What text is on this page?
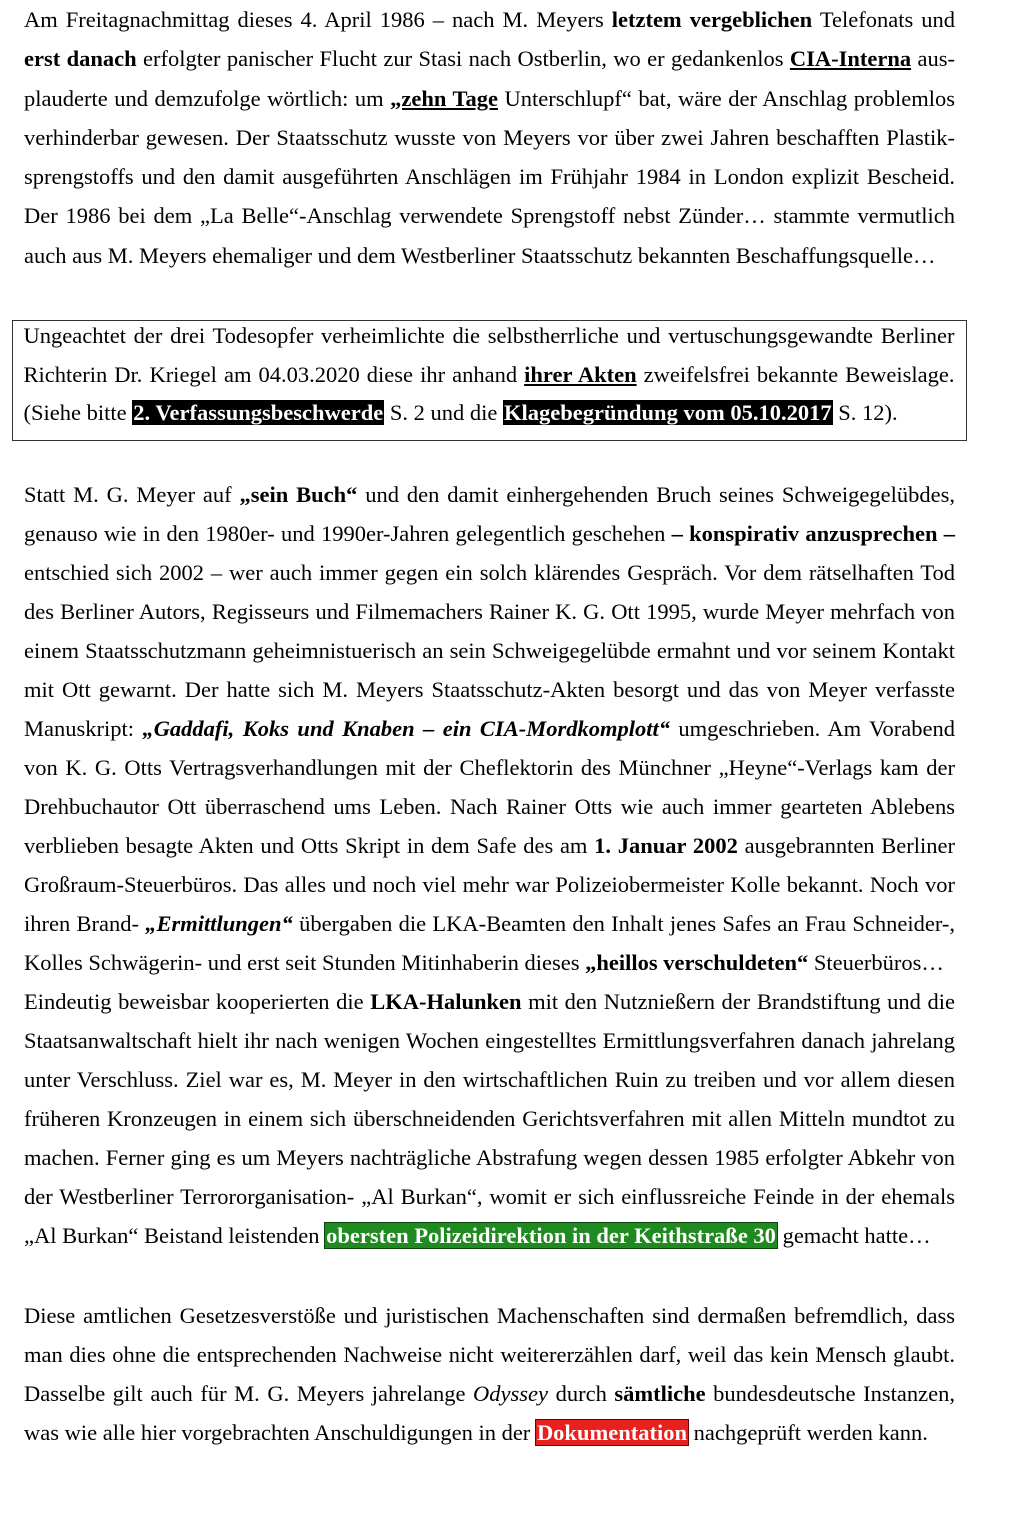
Am Freitagnachmittag dieses 4. April 1986 – nach M. Meyers letztem vergeblichen Telefonats und
erst danach erfolgter panischer Flucht zur Stasi nach Ostberlin, wo er gedankenlos CIA-Interna aus-
plauderte und demzufolge wörtlich: um „zehn Tage Unterschlupf“ bat, wäre der Anschlag problemlos
verhinderbar gewesen. Der Staatsschutz wusste von Meyers vor über zwei Jahren beschafften Plastik-
sprengstoffs und den damit ausgeführten Anschlägen im Frühjahr 1984 in London explizit Bescheid.
Der 1986 bei dem „La Belle“-Anschlag verwendete Sprengstoff nebst Zünder… stammte vermutlich
auch aus M. Meyers ehemaliger und dem Westberliner Staatsschutz bekannten Beschaffungsquelle…
Ungeachtet der drei Todesopfer verheimlichte die selbstherrliche und vertuschungsgewandte Berliner
Richterin Dr. Kriegel am 04.03.2020 diese ihr anhand ihrer Akten zweifelsfrei bekannte Beweislage.
(Siehe bitte 2. Verfassungsbeschwerde S. 2 und die Klagebegründung vom 05.10.2017 S. 12).
Statt M. G. Meyer auf „sein Buch“ und den damit einhergehenden Bruch seines Schweigegelübdes,
genauso wie in den 1980er- und 1990er-Jahren gelegentlich geschehen – konspirativ anzusprechen –
entschied sich 2002 – wer auch immer gegen ein solch klärendes Gespräch. Vor dem rätselhaften Tod
des Berliner Autors, Regisseurs und Filmemachers Rainer K. G. Ott 1995, wurde Meyer mehrfach von
einem Staatsschutzmann geheimnistuerisch an sein Schweigegelübde ermahnt und vor seinem Kontakt
mit Ott gewarnt. Der hatte sich M. Meyers Staatsschutz-Akten besorgt und das von Meyer verfasste
Manuskript: „Gaddafi, Koks und Knaben – ein CIA-Mordkomplott“ umgeschrieben. Am Vorabend
von K. G. Otts Vertragsverhandlungen mit der Cheflektorin des Münchner „Heyne“-Verlags kam der
Drehbuchautor Ott überraschend ums Leben. Nach Rainer Otts wie auch immer gearteten Ablebens
verblieben besagte Akten und Otts Skript in dem Safe des am 1. Januar 2002 ausgebrannten Berliner
Großraum-Steuerbüros. Das alles und noch viel mehr war Polizeiobermeister Kolle bekannt. Noch vor
ihren Brand- „Ermittlungen“ übergaben die LKA-Beamten den Inhalt jenes Safes an Frau Schneider-,
Kolles Schwägerin- und erst seit Stunden Mitinhaberin dieses „heillos verschuldeten“ Steuerbüros…
Eindeutig beweisbar kooperierten die LKA-Halunken mit den Nutznießern der Brandstiftung und die
Staatsanwaltschaft hielt ihr nach wenigen Wochen eingestelltes Ermittlungsverfahren danach jahrelang
unter Verschluss. Ziel war es, M. Meyer in den wirtschaftlichen Ruin zu treiben und vor allem diesen
früheren Kronzeugen in einem sich überschneidenden Gerichtsverfahren mit allen Mitteln mundtot zu
machen. Ferner ging es um Meyers nachträgliche Abstrafung wegen dessen 1985 erfolgter Abkehr von
der Westberliner Terrororganisation- „Al Burkan“, womit er sich einflussreiche Feinde in der ehemals
„Al Burkan“ Beistand leistenden obersten Polizeidirektion in der Keithstraße 30 gemacht hatte…
Diese amtlichen Gesetzesverstöße und juristischen Machenschaften sind dermaßen befremdlich, dass
man dies ohne die entsprechenden Nachweise nicht weitererzählen darf, weil das kein Mensch glaubt.
Dasselbe gilt auch für M. G. Meyers jahrelange Odyssey durch sämtliche bundesdeutsche Instanzen,
was wie alle hier vorgebrachten Anschuldigungen in der Dokumentation nachgeprüft werden kann.
